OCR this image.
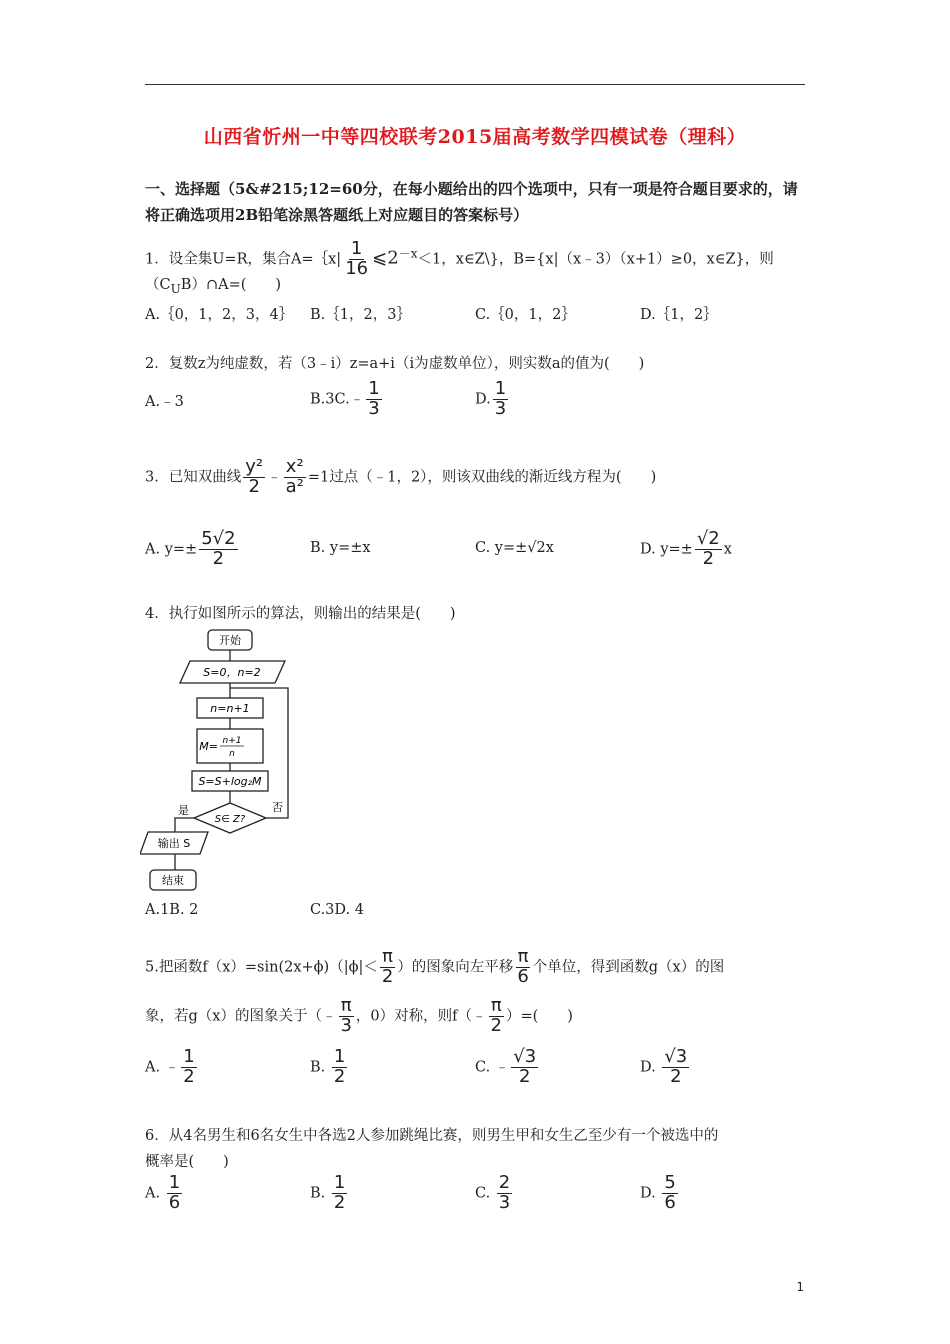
山西省忻州一中等四校联考2015届高考数学四模试卷（理科）
一、选择题（5&#215;12=60分，在每小题给出的四个选项中，只有一项是符合题目要求的，请
将正确选项用2B铅笔涂黑答题纸上对应题目的答案标号）
1．设全集U=R，集合A=｛x| $\frac{1}{16}$ $⩽2^{-x}<1$，x∈Z\}，B={x|（x﹣3）（x+1）≥0，x∈Z}，则
$(C_UB)\cap A=$(　　)
A.｛0，1，2，3，4｝ B.｛1，2，3｝	C.｛0，1，2｝	D.｛1，2｝
2．复数z为纯虚数，若（3﹣i）z=a+i（i为虚数单位），则实数a的值为(　　)
A.﹣3	B.3C.﹣ $\frac{1}{3}$	D. $\frac{1}{3}$
3．已知双曲线 $\frac{\text{y²}}{2}$ ﹣ $\frac{\text{x²}}{\text{a²}} =1$过点（﹣1，2），则该双曲线的渐近线方程为(　　)
A. $y=\pm \frac{5√2}{2}$	B. y=±x	C. y=±√2x	D. $y=\pm \frac{√2}{2}$ x
4．执行如图所示的算法，则输出的结果是(　　)
开始
S=0，n=2
n=n+1
M= n+1
n
S=S+log₂M
S∈ Z?
是	否
输出 S
结束
A.1B. 2	C.3D. 4
5.把函数$f(x)=\sin(2x+\phi)(|\phi|< \frac{\pi}{2}$ ）的图象向左平移 $\frac{\pi}{6}$ 个单位，得到函数g（x）的图
象，若g（x）的图象关于（﹣ $\frac{\pi}{3}$ ，0）对称，则f（﹣ $\frac{\pi}{2}$ ）=(　　)
A. ﹣ $\frac{1}{2}$	B. $\frac{1}{2}$	C. ﹣ $\frac{√3}{2}$	D. $\frac{√3}{2}$
6．从4名男生和6名女生中各选2人参加跳绳比赛，则男生甲和女生乙至少有一个被选中的
概率是(　　)
A. $\frac{1}{6}$	B. $\frac{1}{2}$	C. $\frac{2}{3}$	D. $\frac{5}{6}$
1
